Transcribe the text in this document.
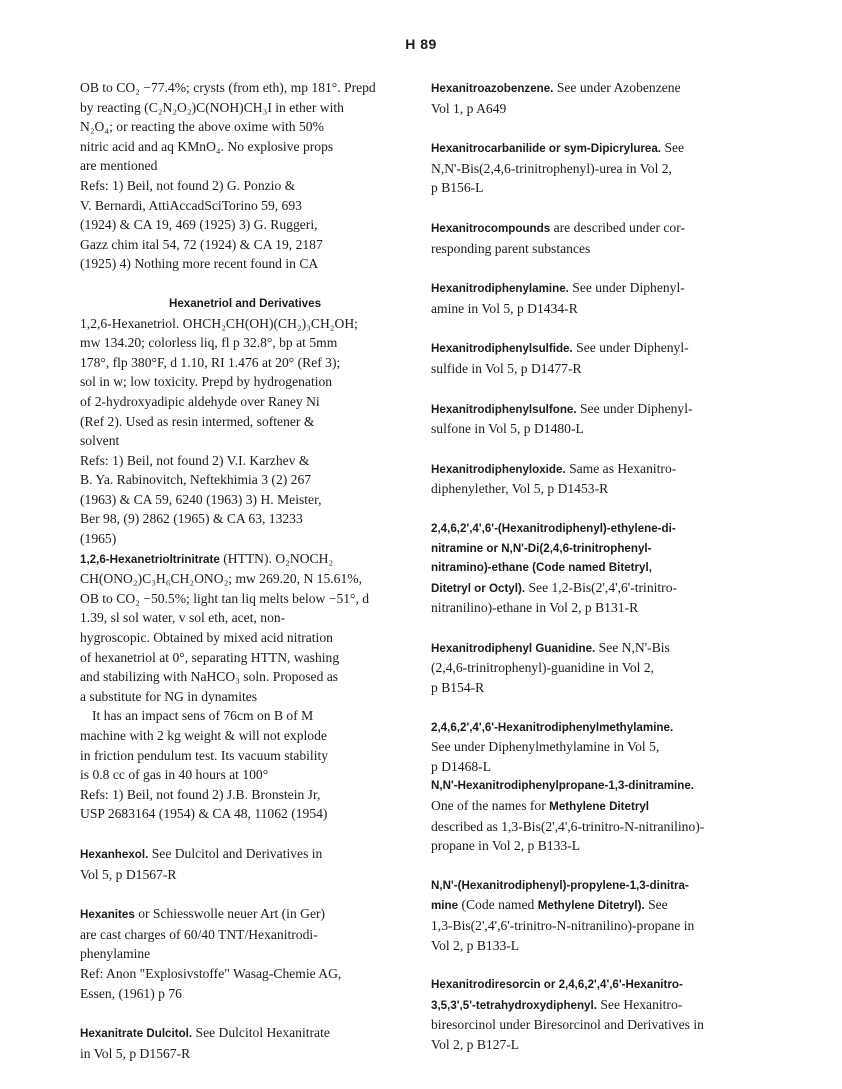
H 89
OB to CO₂ −77.4%; crysts (from eth), mp 181°. Prepd
by reacting (C₂N₂O₂)C(NOH)CH₃I in ether with
N₂O₄; or reacting the above oxime with 50%
nitric acid and aq KMnO₄. No explosive props
are mentioned
Refs: 1) Beil, not found 2) G. Ponzio &
V. Bernardi, AttiAccadSciTorino 59, 693
(1924) & CA 19, 469 (1925) 3) G. Ruggeri,
Gazz chim ital 54, 72 (1924) & CA 19, 2187
(1925) 4) Nothing more recent found in CA
Hexanetriol and Derivatives
1,2,6-Hexanetriol. OHCH₂CH(OH)(CH₂)₃CH₂OH;
mw 134.20; colorless liq, fl p 32.8°, bp at 5mm
178°, flp 380°F, d 1.10, RI 1.476 at 20° (Ref 3);
sol in w; low toxicity. Prepd by hydrogenation
of 2-hydroxyadipic aldehyde over Raney Ni
(Ref 2). Used as resin intermed, softener &
solvent
Refs: 1) Beil, not found 2) V.I. Karzhev &
B. Ya. Rabinovitch, Neftekhimia 3 (2) 267
(1963) & CA 59, 6240 (1963) 3) H. Meister,
Ber 98, (9) 2862 (1965) & CA 63, 13233
(1965)
1,2,6-Hexanetrioltrinitrate (HTTN). O₂NOCH₂
CH(ONO₂)C₃H₆CH₂ONO₂; mw 269.20, N 15.61%,
OB to CO₂ −50.5%; light tan liq melts below −51°, d
1.39, sl sol water, v sol eth, acet, non-
hygroscopic. Obtained by mixed acid nitration
of hexanetriol at 0°, separating HTTN, washing
and stabilizing with NaHCO₃ soln. Proposed as
a substitute for NG in dynamites
It has an impact sens of 76cm on B of M
machine with 2 kg weight & will not explode
in friction pendulum test. Its vacuum stability
is 0.8 cc of gas in 40 hours at 100°
Refs: 1) Beil, not found 2) J.B. Bronstein Jr,
USP 2683164 (1954) & CA 48, 11062 (1954)
Hexanhexol. See Dulcitol and Derivatives in
Vol 5, p D1567-R
Hexanites or Schiesswolle neuer Art (in Ger)
are cast charges of 60/40 TNT/Hexanitrodi-
phenylamine
Ref: Anon "Explosivstoffe" Wasag-Chemie AG,
Essen, (1961) p 76
Hexanitrate Dulcitol. See Dulcitol Hexanitrate
in Vol 5, p D1567-R
Hexanitroazobenzene. See under Azobenzene
Vol 1, p A649
Hexanitrocarbanilide or sym-Dipicrylurea. See
N,N'-Bis(2,4,6-trinitrophenyl)-urea in Vol 2,
p B156-L
Hexanitrocompounds are described under cor-
responding parent substances
Hexanitrodiphenylamine. See under Diphenyl-
amine in Vol 5, p D1434-R
Hexanitrodiphenylsulfide. See under Diphenyl-
sulfide in Vol 5, p D1477-R
Hexanitrodiphenylsulfone. See under Diphenyl-
sulfone in Vol 5, p D1480-L
Hexanitrodiphenyloxide. Same as Hexanitro-
diphenylether, Vol 5, p D1453-R
2,4,6,2',4',6'-(Hexanitrodiphenyl)-ethylene-di-
nitramine or N,N'-Di(2,4,6-trinitrophenyl-
nitramino)-ethane (Code named Bitetryl,
Ditetryl or Octyl). See 1,2-Bis(2',4',6'-trinitro-
nitranilino)-ethane in Vol 2, p B131-R
Hexanitrodiphenyl Guanidine. See N,N'-Bis
(2,4,6-trinitrophenyl)-guanidine in Vol 2,
p B154-R
2,4,6,2',4',6'-Hexanitrodiphenylmethylamine.
See under Diphenylmethylamine in Vol 5,
p D1468-L
N,N'-Hexanitrodiphenylpropane-1,3-dinitramine.
One of the names for Methylene Ditetryl
described as 1,3-Bis(2',4',6-trinitro-N-nitranilino)-
propane in Vol 2, p B133-L
N,N'-(Hexanitrodiphenyl)-propylene-1,3-dinitra-
mine (Code named Methylene Ditetryl). See
1,3-Bis(2',4',6'-trinitro-N-nitranilino)-propane in
Vol 2, p B133-L
Hexanitrodiresorcin or 2,4,6,2',4',6'-Hexanitro-
3,5,3',5'-tetrahydroxydiphenyl. See Hexanitro-
biresorcinol under Biresorcinol and Derivatives in
Vol 2, p B127-L
